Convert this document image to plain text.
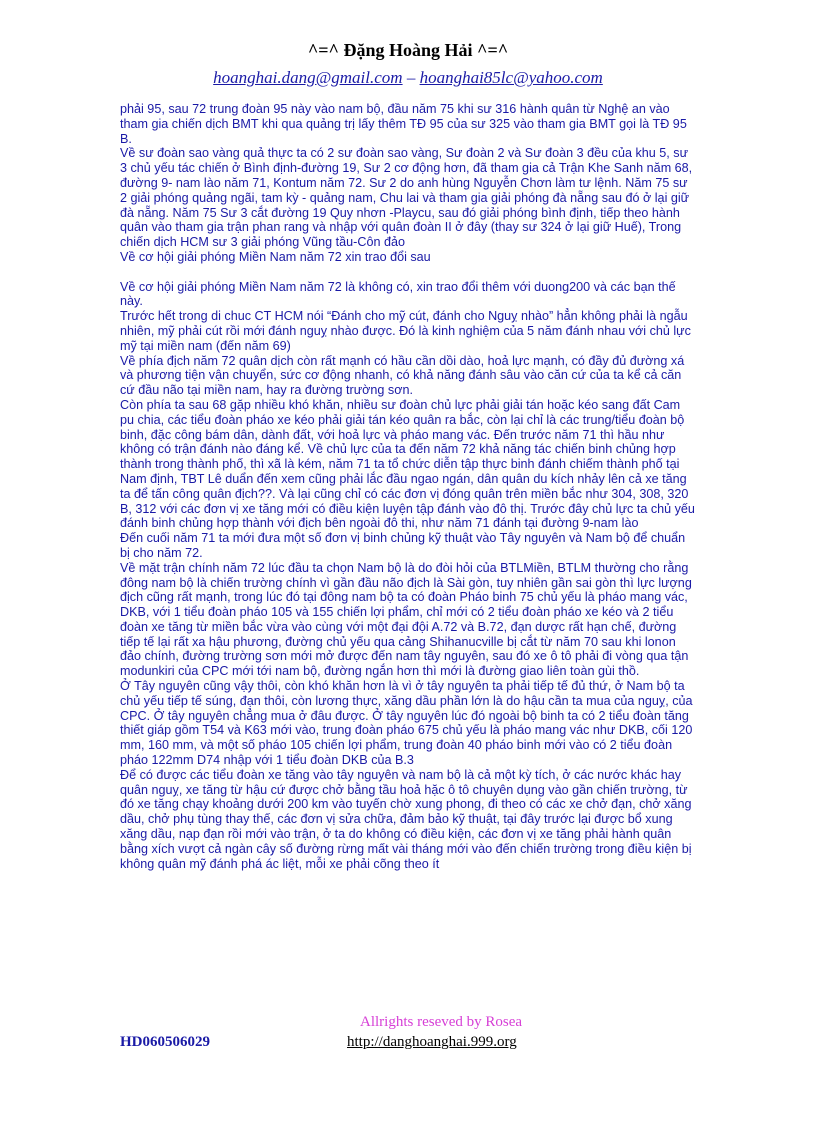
^=^ Đặng Hoàng Hải ^=^
hoanghai.dang@gmail.com – hoanghai85lc@yahoo.com

phải 95, sau 72 trung đoàn 95 này vào nam bộ, đầu năm 75 khi sư 316 hành quân từ Nghệ an vào tham gia chiến dịch BMT khi qua quảng trị lấy thêm TĐ 95 của sư 325 vào tham gia BMT gọi là TĐ 95 B.

Về sư đoàn sao vàng quả thực ta có 2 sư đoàn sao vàng, Sư đoàn 2 và Sư đoàn 3 đều của khu 5, sư 3 chủ yếu tác chiến ở Bình định-đường 19, Sư 2 cơ động hơn, đã tham gia cả Trận Khe Sanh năm 68, đường 9- nam lào năm 71, Kontum năm 72. Sư 2 do anh hùng Nguyễn Chơn làm tư lệnh. Năm 75 sư 2 giải phóng quảng ngãi, tam kỳ - quảng nam, Chu lai và tham gia giải phóng đà nẵng sau đó ở lại giữ đà nẵng. Năm 75 Sư 3 cắt đường 19 Quy nhơn -Playcu, sau đó giải phóng bình định, tiếp theo hành quân vào tham gia trận phan rang và nhập với quân đoàn II ở đây (thay sư 324 ở lại giữ Huế), Trong chiến dịch HCM sư 3 giải phóng Vũng tầu-Côn đảo

Về cơ hội giải phóng Miền Nam năm 72 xin trao đổi sau

Về cơ hội giải phóng Miền Nam năm 72 là không có, xin trao đổi thêm với duong200 và các bạn thế này.

Trước hết trong di chuc CT HCM nói “Đánh cho mỹ cút, đánh cho Nguỵ nhào” hẳn không phải là ngẫu nhiên, mỹ phải cút rồi mới đánh nguỵ nhào được. Đó là kinh nghiệm của 5 năm đánh nhau với chủ lực mỹ tại miền nam (đến năm 69)

Về phía địch năm 72 quân dịch còn rất mạnh có hầu cần dồi dào, hoả lực mạnh, có đầy đủ đường xá và phương tiện vận chuyển, sức cơ động nhanh, có khả năng đánh sâu vào căn cứ của ta kể cả căn cứ đầu não tại miền nam, hay ra đường trường sơn.

Còn phía ta sau 68 gặp nhiều khó khăn, nhiều sư đoàn chủ lực phải giải tán hoặc kéo sang đất Cam pu chia, các tiểu đoàn pháo xe kéo phải giải tán kéo quân ra bắc, còn lại chỉ là các trung/tiểu đoàn bộ binh, đặc công bám dân, dành đất, với hoả lực và pháo mang vác. Đến trước năm 71 thì hầu như không có trận đánh nào đáng kể. Về chủ lực của ta đến năm 72 khả năng tác chiến binh chủng hợp thành trong thành phố, thì xã là kém, năm 71 ta tổ chức diễn tập thực binh đánh chiếm thành phố tại Nam định, TBT Lê duẩn đến xem cũng phải lắc đầu ngao ngán, dân quân du kích nhảy lên cả xe tăng ta để tấn công quân địch??. Và lại cũng chỉ có các đơn vị đóng quân trên miền bắc như 304, 308, 320 B, 312 với các đơn vị xe tăng mới có điều kiện luyện tập đánh vào đô thị. Trước đây chủ lực ta chủ yếu đánh binh chủng hợp thành với địch bên ngoài đô thi, như năm 71 đánh tại đường 9-nam lào

Đến cuối năm 71 ta mới đưa một số đơn vị binh chủng kỹ thuật vào Tây nguyên và Nam bộ để chuẩn bị cho năm 72.

Về mặt trận chính năm 72 lúc đầu ta chọn Nam bộ là do đòi hỏi của BTLMiền, BTLM thường cho rằng đông nam bộ là chiến trường chính vì gần đầu não địch là Sài gòn, tuy nhiên gần sai gòn thì lực lượng địch cũng rất mạnh, trong lúc đó tại đông nam bộ ta có đoàn Pháo binh 75 chủ yếu là pháo mang vác, DKB, với 1 tiểu đoàn pháo 105 và 155 chiến lợi phẩm, chỉ mới có 2 tiểu đoàn pháo xe kéo và 2 tiểu đoàn xe tăng từ miền bắc vừa vào cùng với một đại đội A.72 và B.72, đạn dược rất hạn chế, đường tiếp tế lại rất xa hậu phương, đường chủ yếu qua cảng Shihanucville bị cắt từ năm 70 sau khi lonon đảo chính, đường trường sơn mới mở được đến nam tây nguyên, sau đó xe ô tô phải đi vòng qua tận modunkiri của CPC mới tới nam bộ, đường ngắn hơn thì mới là đường giao liên toàn gùi thồ.

Ở Tây nguyên cũng vậy thôi, còn khó khăn hơn là vì ở tây nguyên ta phải tiếp tế đủ thứ, ở Nam bộ ta chủ yếu tiếp tế súng, đạn thôi, còn lương thực, xăng dầu phần lớn là do hậu cần ta mua của nguỵ, của CPC. Ở tây nguyên chẳng mua ở đâu được. Ở tây nguyên lúc đó ngoài bộ binh ta có 2 tiểu đoàn tăng thiết giáp gồm T54 và K63 mới vào, trung đoàn pháo 675 chủ yếu là pháo mang vác như DKB, cối 120 mm, 160 mm, và một số pháo 105 chiến lợi phẩm, trung đoàn 40 pháo binh mới vào có 2 tiểu đoàn pháo 122mm D74 nhập với 1 tiểu đoàn DKB của B.3

Để có được các tiểu đoàn xe tăng vào tây nguyên và nam bộ là cả một kỳ tích, ở các nước khác hay quân nguỵ, xe tăng từ hậu cứ được chở bằng tầu hoả hặc ô tô chuyên dụng vào gần chiến trường, từ đó xe tăng chạy khoảng dưới 200 km vào tuyến chờ xung phong, đi theo có các xe chở đạn, chở xăng dầu, chở phụ tùng thay thế, các đơn vị sửa chữa, đảm bảo kỹ thuật, tại đây trước lại được bổ xung xăng dầu, nạp đạn rồi mới vào trận, ở ta do không có điều kiện, các đơn vị xe tăng phải hành quân bằng xích vượt cả ngàn cây số đường rừng mất vài tháng mới vào đến chiến trường trong điều kiện bị không quân mỹ đánh phá ác liệt, mỗi xe phải cõng theo ít

Allrights reseved by Rosea
HD060506029	http://danghoanghai.999.org
